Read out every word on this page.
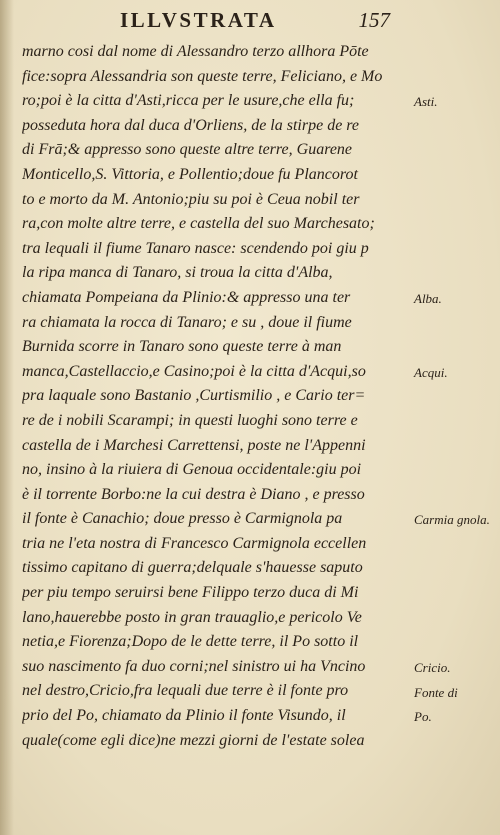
ILLVSTRATA	157
marno cosi dal nome di Alessandro terzo allhora Pōte
fice:sopra Alessandria son queste terre, Feliciano, e Mo
ro;poi è la citta d'Asti,ricca per le usure,che ella fu;
posseduta hora dal duca d'Orliens, de la stirpe de re
di Frā;& appresso sono queste altre terre, Guarene
Monticello,S. Vittoria, e Pollentio;doue fu Plancorot
to e morto da M. Antonio;piu su poi è Ceua nobil ter
ra,con molte altre terre, e castella del suo Marchesato;
tra lequali il fiume Tanaro nasce: scendendo poi giu p
la ripa manca di Tanaro, si troua la citta d'Alba,
chiamata Pompeiana da Plinio:& appresso una ter
ra chiamata la rocca di Tanaro; e su , doue il fiume
Burnida scorre in Tanaro sono queste terre à man
manca,Castellaccio,e Casino;poi è la citta d'Acqui,so
pra laquale sono Bastanio ,Curtismilio , e Cario ter=
re de i nobili Scarampi; in questi luoghi sono terre e
castella de i Marchesi Carrettensi, poste ne l'Appenni
no, insino à la riuiera di Genoua occidentale:giu poi
è il torrente Borbo:ne la cui destra è Diano , e presso
il fonte è Canachio; doue presso è Carmignola pa
tria ne l'eta nostra di Francesco Carmignola eccellen
tissimo capitano di guerra;delquale s'hauesse saputo
per piu tempo seruirsi bene Filippo terzo duca di Mi
lano,hauerebbe posto in gran trauaglio,e pericolo Ve
netia,e Fiorenza;Dopo de le dette terre, il Po sotto il
suo nascimento fa duo corni;nel sinistro ui ha Vncino
nel destro,Cricio,fra lequali due terre è il fonte pro
prio del Po, chiamato da Plinio il fonte Visundo, il
quale(come egli dice)ne mezzi giorni de l'estate solea
Asti.
Alba.
Acqui.
Carmia gnola.
Cricio.
Fonte di
Po.
